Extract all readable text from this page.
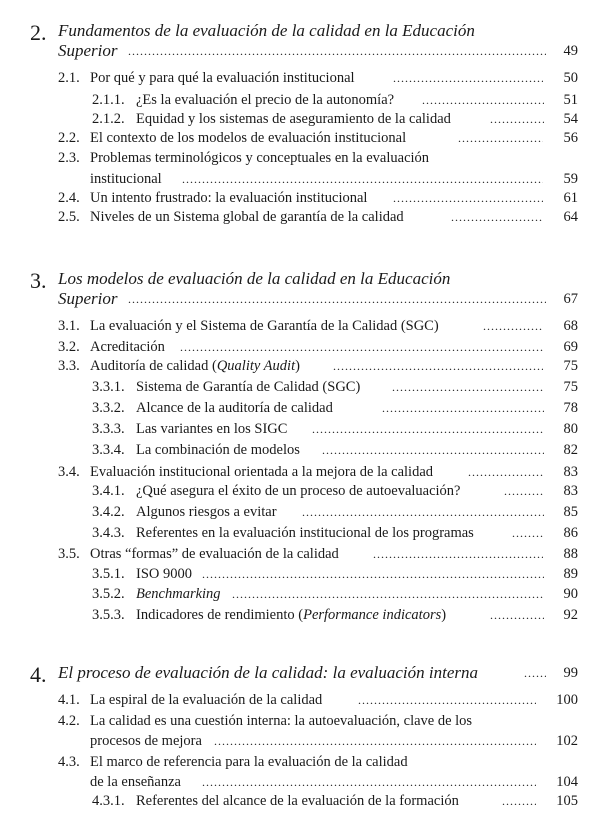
2. Fundamentos de la evaluación de la calidad en la Educación
Superior .....	49
2.1. Por qué y para qué la evaluación institucional .....	50
2.1.1. ¿Es la evaluación el precio de la autonomía? .....	51
2.1.2. Equidad y los sistemas de aseguramiento de la calidad .....	54
2.2. El contexto de los modelos de evaluación institucional .....	56
2.3. Problemas terminológicos y conceptuales en la evaluación
institucional .....	59
2.4. Un intento frustrado: la evaluación institucional .....	61
2.5. Niveles de un Sistema global de garantía de la calidad .....	64
3. Los modelos de evaluación de la calidad en la Educación
Superior .....	67
3.1. La evaluación y el Sistema de Garantía de la Calidad (SGC) .....	68
3.2. Acreditación .....	69
3.3. Auditoría de calidad (Quality Audit) .....	75
3.3.1. Sistema de Garantía de Calidad (SGC) .....	75
3.3.2. Alcance de la auditoría de calidad .....	78
3.3.3. Las variantes en los SIGC .....	80
3.3.4. La combinación de modelos .....	82
3.4. Evaluación institucional orientada a la mejora de la calidad .....	83
3.4.1. ¿Qué asegura el éxito de un proceso de autoevaluación? .....	83
3.4.2. Algunos riesgos a evitar .....	85
3.4.3. Referentes en la evaluación institucional de los programas .....	86
3.5. Otras “formas” de evaluación de la calidad .....	88
3.5.1. ISO 9000 .....	89
3.5.2. Benchmarking .....	90
3.5.3. Indicadores de rendimiento (Performance indicators) .....	92
4. El proceso de evaluación de la calidad: la evaluación interna .....	99
4.1. La espiral de la evaluación de la calidad .....	100
4.2. La calidad es una cuestión interna: la autoevaluación, clave de los
procesos de mejora .....	102
4.3. El marco de referencia para la evaluación de la calidad
de la enseñanza .....	104
4.3.1. Referentes del alcance de la evaluación de la formación .....	105
